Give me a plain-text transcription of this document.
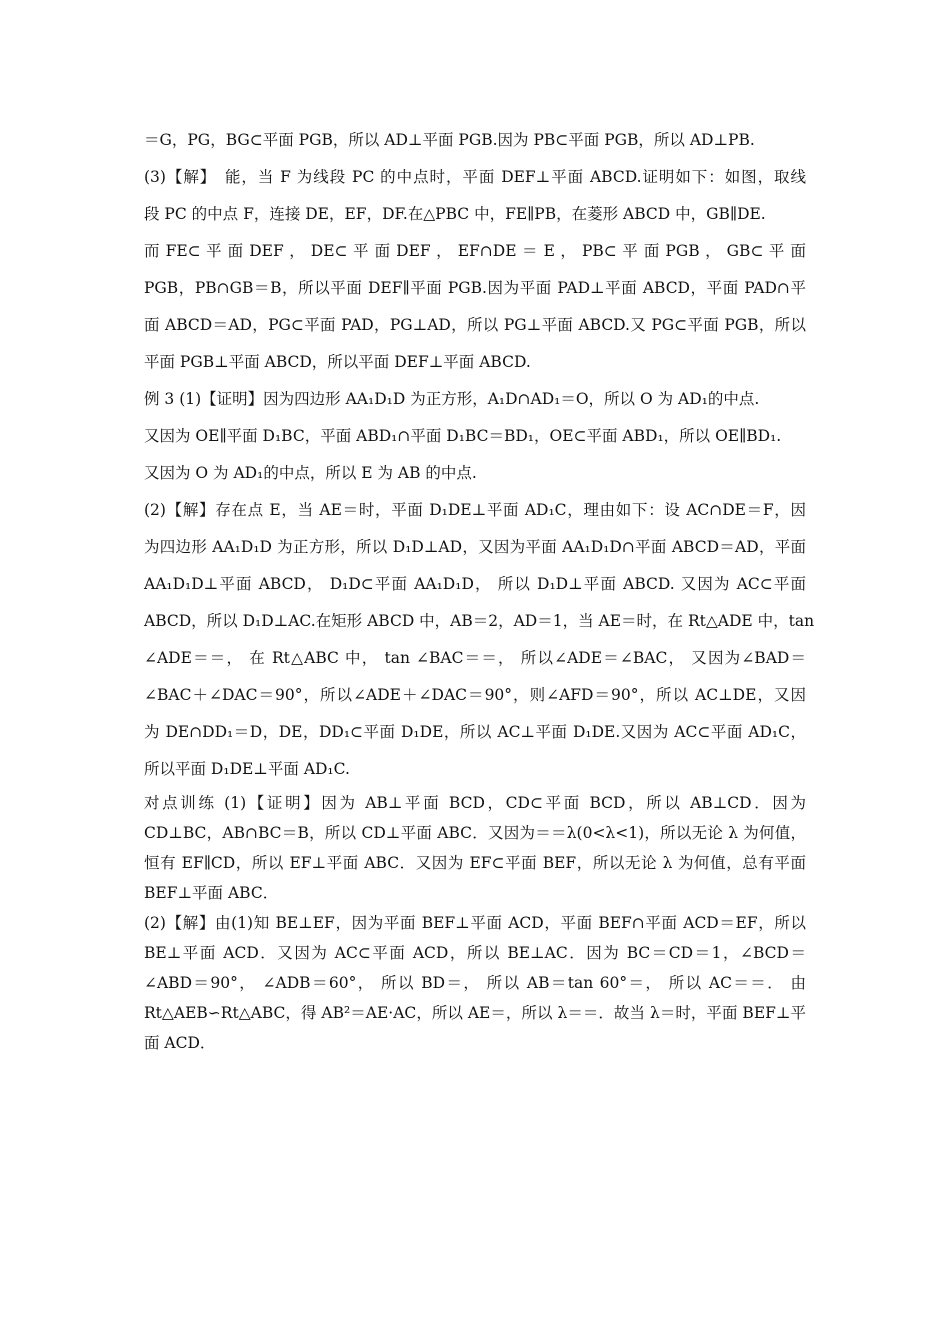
＝G，PG，BG⊂平面 PGB，所以 AD⊥平面 PGB.因为 PB⊂平面 PGB，所以 AD⊥PB.

(3)【解】　能，当 F 为线段 PC 的中点时，平面 DEF⊥平面 ABCD.证明如下：如图，取线

段 PC 的中点 F，连接 DE，EF，DF.在△PBC 中，FE∥PB，在菱形 ABCD 中，GB∥DE.

而 FE⊂ 平 面 DEF ， DE⊂ 平 面 DEF ， EF∩DE ＝ E ， PB⊂ 平 面 PGB ， GB⊂ 平 面

PGB，PB∩GB＝B，所以平面 DEF∥平面 PGB.因为平面 PAD⊥平面 ABCD，平面 PAD∩平

面 ABCD＝AD，PG⊂平面 PAD，PG⊥AD，所以 PG⊥平面 ABCD.又 PG⊂平面 PGB，所以

平面 PGB⊥平面 ABCD，所以平面 DEF⊥平面 ABCD.

例 3 (1)【证明】因为四边形 AA₁D₁D 为正方形，A₁D∩AD₁＝O，所以 O 为 AD₁的中点.

又因为 OE∥平面 D₁BC，平面 ABD₁∩平面 D₁BC＝BD₁，OE⊂平面 ABD₁，所以 OE∥BD₁.

又因为 O 为 AD₁的中点，所以 E 为 AB 的中点.

(2)【解】存在点 E，当 AE＝时，平面 D₁DE⊥平面 AD₁C，理由如下：设 AC∩DE＝F，因

为四边形 AA₁D₁D 为正方形，所以 D₁D⊥AD，又因为平面 AA₁D₁D∩平面 ABCD＝AD，平面

AA₁D₁D⊥平面 ABCD， D₁D⊂平面 AA₁D₁D， 所以 D₁D⊥平面 ABCD. 又因为 AC⊂平面

ABCD，所以 D₁D⊥AC.在矩形 ABCD 中，AB＝2，AD＝1，当 AE＝时，在 Rt△ADE 中，tan

∠ADE＝＝， 在 Rt△ABC 中， tan ∠BAC＝＝， 所以∠ADE＝∠BAC， 又因为∠BAD＝

∠BAC＋∠DAC＝90°，所以∠ADE＋∠DAC＝90°，则∠AFD＝90°，所以 AC⊥DE，又因

为 DE∩DD₁＝D，DE，DD₁⊂平面 D₁DE，所以 AC⊥平面 D₁DE.又因为 AC⊂平面 AD₁C，

所以平面 D₁DE⊥平面 AD₁C.

对点训练 (1)【证明】因为 AB⊥平面 BCD，CD⊂平面 BCD，所以 AB⊥CD．因为

CD⊥BC，AB∩BC＝B，所以 CD⊥平面 ABC．又因为＝＝λ(0<λ<1)，所以无论 λ 为何值，

恒有 EF∥CD，所以 EF⊥平面 ABC．又因为 EF⊂平面 BEF，所以无论 λ 为何值，总有平面

BEF⊥平面 ABC．

(2)【解】由(1)知 BE⊥EF，因为平面 BEF⊥平面 ACD，平面 BEF∩平面 ACD＝EF，所以

BE⊥平面 ACD．又因为 AC⊂平面 ACD，所以 BE⊥AC．因为 BC＝CD＝1，∠BCD＝

∠ABD＝90°， ∠ADB＝60°， 所以 BD＝， 所以 AB＝tan 60°＝， 所以 AC＝＝． 由

Rt△AEB∽Rt△ABC，得 AB²＝AE·AC，所以 AE＝，所以 λ＝＝．故当 λ＝时，平面 BEF⊥平

面 ACD．
